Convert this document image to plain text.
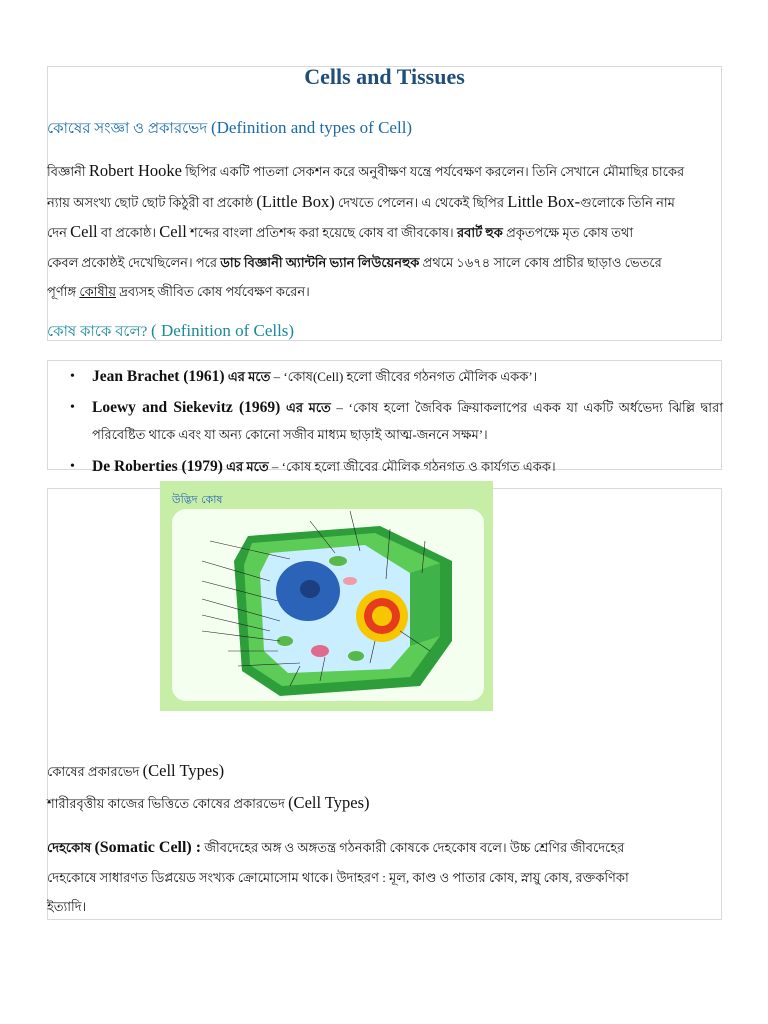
Cells and Tissues
কোষের সংজ্ঞা ও প্রকারভেদ (Definition and types of Cell)
বিজ্ঞানী Robert Hooke ছিপির একটি পাতলা সেকশন করে অনুবীক্ষণ যন্ত্রে পর্যবেক্ষণ করলেন। তিনি সেখানে মৌমাছির চাকের
ন্যায় অসংখ্য ছোট ছোট কিঠুরী বা প্রকোষ্ঠ (Little Box) দেখতে পেলেন। এ থেকেই ছিপির Little Box-গুলোকে তিনি নাম
দেন Cell বা প্রকোষ্ঠ। Cell শব্দের বাংলা প্রতিশব্দ করা হয়েছে কোষ বা জীবকোষ। রবার্ট হুক প্রকৃতপক্ষে মৃত কোষ তথা
কেবল প্রকোষ্ঠই দেখেছিলেন। পরে ডাচ বিজ্ঞানী অ্যান্টনি ভ্যান লিউয়েনহুক প্রথমে ১৬৭৪ সালে কোষ প্রাচীর ছাড়াও ভেতরে
পূর্ণাঙ্গ কোষীয় দ্রব্যসহ জীবিত কোষ পর্যবেক্ষণ করেন।
কোষ কাকে বলে? ( Definition of Cells)
• Jean Brachet (1961) এর মতে – ‘কোষ(Cell) হলো জীবের গঠনগত মৌলিক একক’।
• Loewy and Siekevitz (1969) এর মতে – ‘কোষ হলো জৈবিক ক্রিয়াকলাপের একক যা একটি অর্ধভেদ্য ঝিল্লি দ্বারা পরিবেষ্টিত থাকে এবং যা অন্য কোনো সজীব মাধ্যম ছাড়াই আত্ম-জননে সক্ষম’।
• De Roberties (1979) এর মতে – ‘কোষ হলো জীবের মৌলিক গঠনগত ও কার্যগত একক।
উদ্ভিদ কোষ
কোষের প্রকারভেদ (Cell Types)
শারীরবৃত্তীয় কাজের ভিত্তিতে কোষের প্রকারভেদ (Cell Types)
দেহকোষ (Somatic Cell) : জীবদেহের অঙ্গ ও অঙ্গতন্ত্র গঠনকারী কোষকে দেহকোষ বলে। উচ্চ শ্রেণির জীবদেহের
দেহকোষে সাধারণত ডিপ্লয়েড সংখ্যক ক্রোমোসোম থাকে। উদাহরণ : মূল, কাণ্ড ও পাতার কোষ, স্নায়ু কোষ, রক্তকণিকা
ইত্যাদি।
